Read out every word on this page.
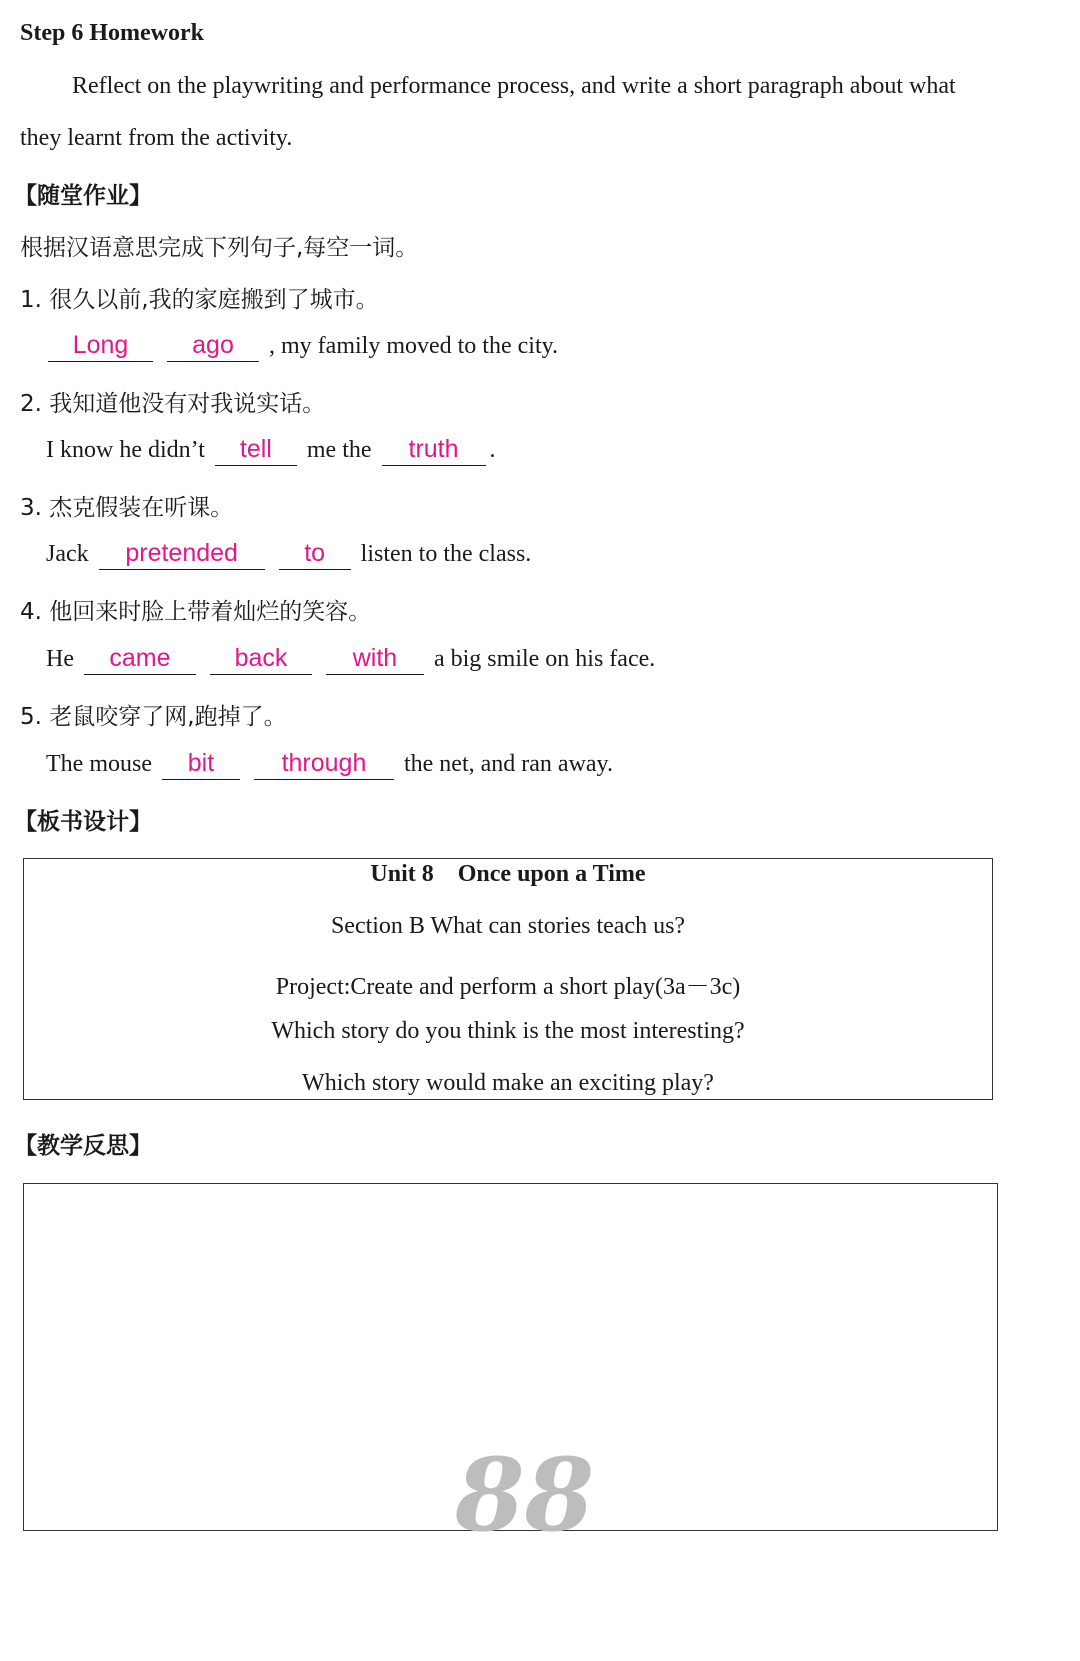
Step 6 Homework
Reflect on the playwriting and performance process, and write a short paragraph about what
they learnt from the activity.
【随堂作业】
根据汉语意思完成下列句子,每空一词。
1. 很久以前,我的家庭搬到了城市。
Long	ago , my family moved to the city.
2. 我知道他没有对我说实话。
I know he didn’t tell me the truth .
3. 杰克假装在听课。
Jack pretended	to listen to the class.
4. 他回来时脸上带着灿烂的笑容。
He came	back	with a big smile on his face.
5. 老鼠咬穿了网,跑掉了。
The mouse bit	through the net, and ran away.
【板书设计】
Unit 8 Once upon a Time
Section B What can stories teach us?
Project:Create and perform a short play(3a－3c)
Which story do you think is the most interesting?
Which story would make an exciting play?
【教学反思】
88
